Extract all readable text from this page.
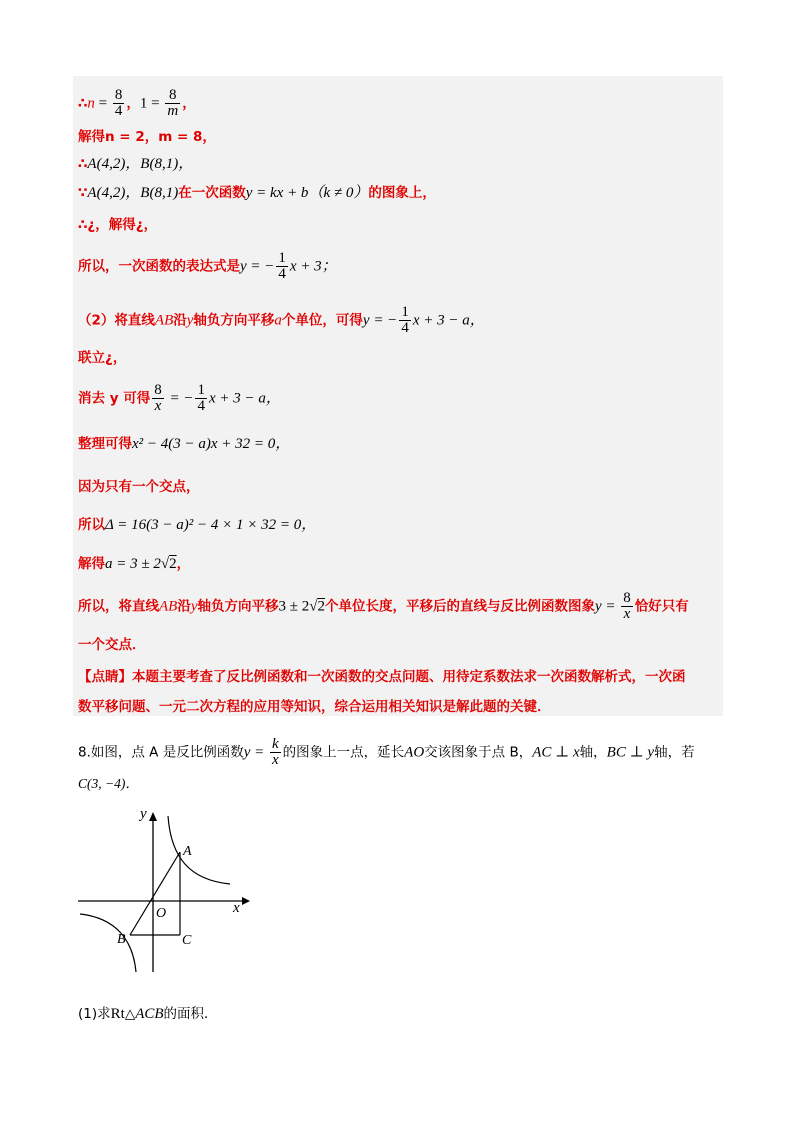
∴n = $\frac{8}{4}$ ，$1 = \frac{8}{m}$ ，
解得n = 2，m = 8，
∴A(4,2)，B(8,1)，
∵A(4,2)，B(8,1)在一次函数y = kx + b（k ≠ 0）的图象上，
∴¿，解得¿，
所以，一次函数的表达式是y = − $\frac{1}{4}$ x + 3；
（2）将直线AB沿y轴负方向平移a个单位，可得y = − $\frac{1}{4}$ x + 3 − a，
联立¿，
消去 y 可得 $\frac{8}{x}$ = − $\frac{1}{4}$ x + 3 − a，
整理可得x² − 4(3 − a)x + 32 = 0，
因为只有一个交点，
所以Δ = 16(3 − a)² − 4 × 1 × 32 = 0，
解得a = 3 ± 2√2，
所以，将直线AB沿y轴负方向平移3 ± 2√2个单位长度，平移后的直线与反比例函数图象$y = \frac{8}{x}$ 恰好只有
一个交点．
【点睛】本题主要考查了反比例函数和一次函数的交点问题、用待定系数法求一次函数解析式，一次函
数平移问题、一元二次方程的应用等知识，综合运用相关知识是解此题的关键．
8.如图，点 A 是反比例函数$y = \frac{k}{x}$ 的图象上一点，延长AO交该图象于点 B，AC ⊥ x轴，BC ⊥ y轴，若
C(3, −4)．
y
x
O
A
B	C
(1)求Rt△ACB的面积．
